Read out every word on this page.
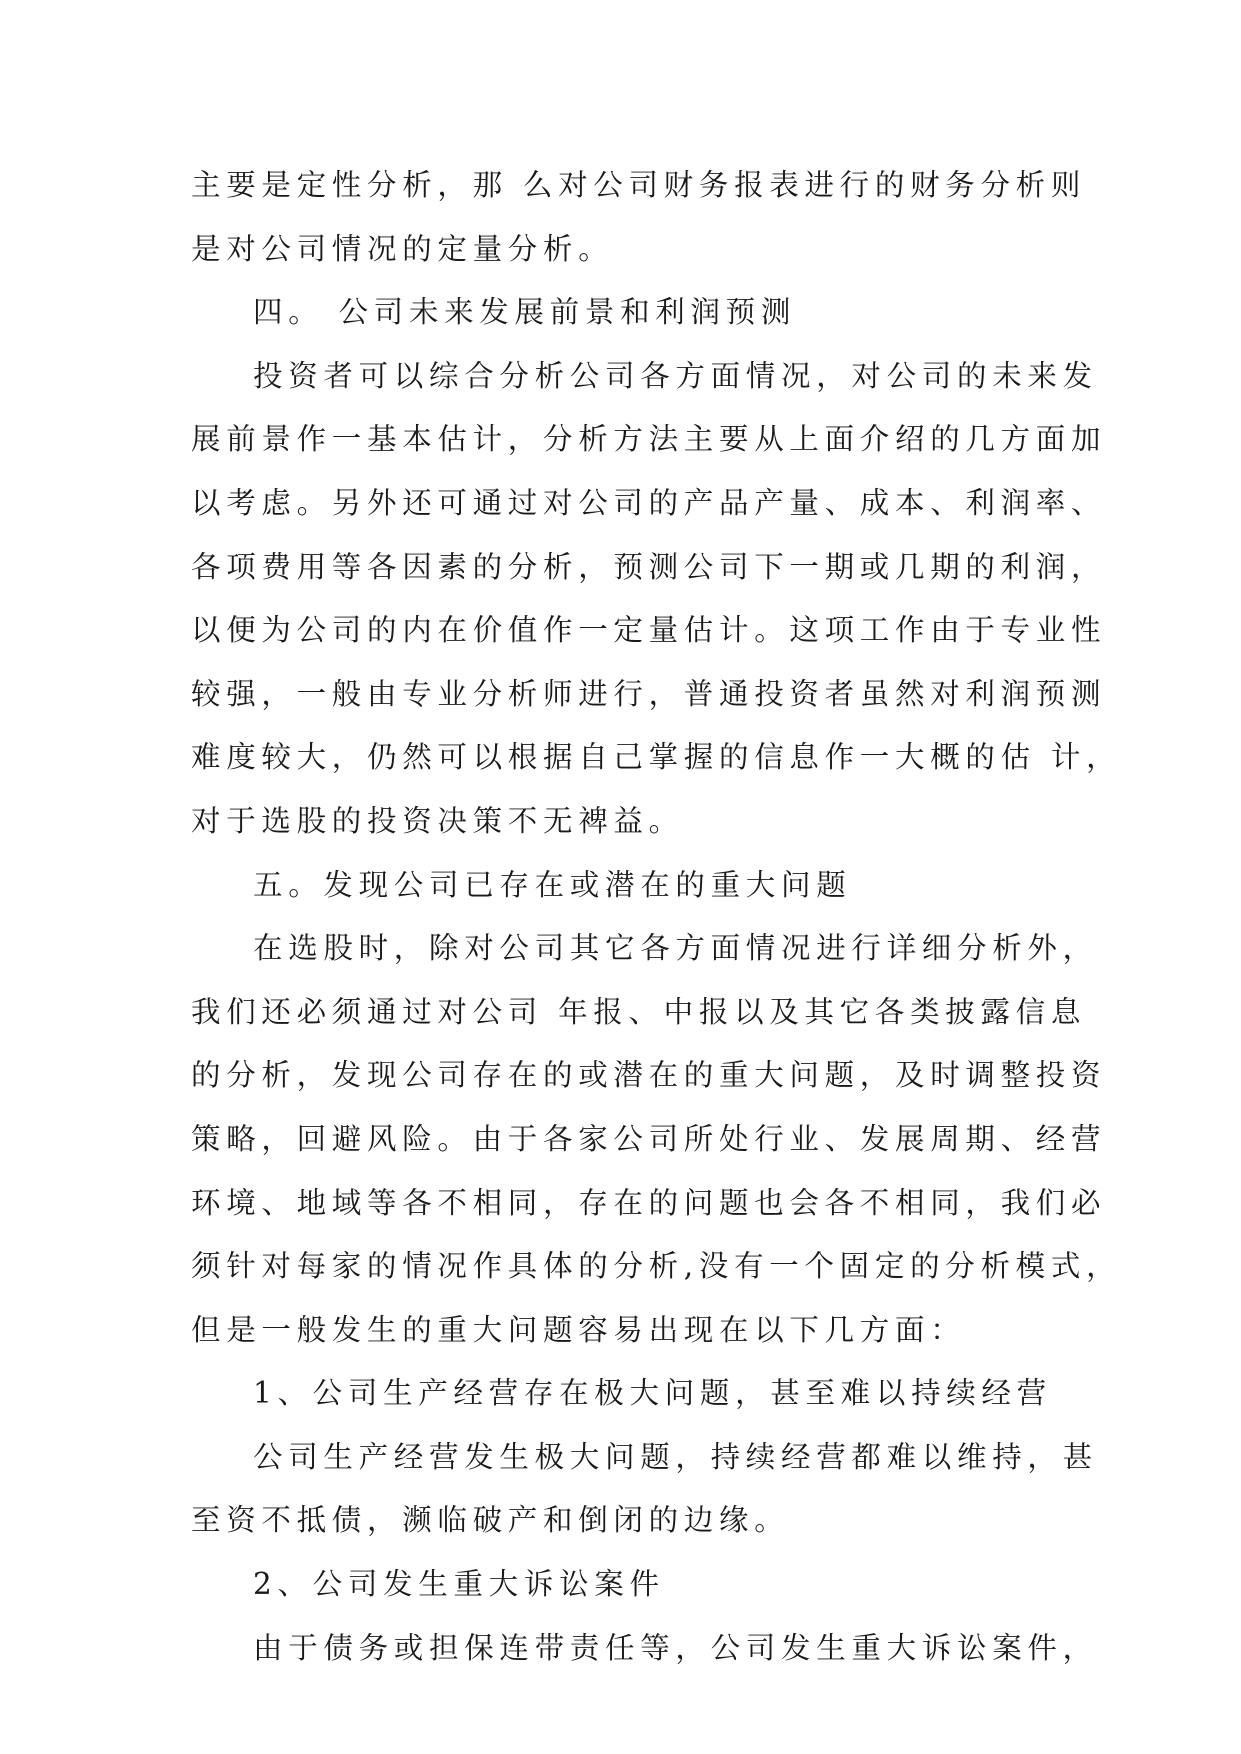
主要是定性分析，那 么对公司财务报表进行的财务分析则
是对公司情况的定量分析。
四。 公司未来发展前景和利润预测
投资者可以综合分析公司各方面情况，对公司的未来发
展前景作一基本估计，分析方法主要从上面介绍的几方面加
以考虑。另外还可通过对公司的产品产量、成本、利润率、
各项费用等各因素的分析，预测公司下一期或几期的利润，
以便为公司的内在价值作一定量估计。这项工作由于专业性
较强，一般由专业分析师进行，普通投资者虽然对利润预测
难度较大，仍然可以根据自己掌握的信息作一大概的估 计，
对于选股的投资决策不无裨益。
五。发现公司已存在或潜在的重大问题
在选股时，除对公司其它各方面情况进行详细分析外，
我们还必须通过对公司 年报、中报以及其它各类披露信息
的分析，发现公司存在的或潜在的重大问题，及时调整投资
策略，回避风险。由于各家公司所处行业、发展周期、经营
环境、地域等各不相同，存在的问题也会各不相同，我们必
须针对每家的情况作具体的分析,没有一个固定的分析模式，
但是一般发生的重大问题容易出现在以下几方面：
1、公司生产经营存在极大问题，甚至难以持续经营
公司生产经营发生极大问题，持续经营都难以维持，甚
至资不抵债，濒临破产和倒闭的边缘。
2、公司发生重大诉讼案件
由于债务或担保连带责任等，公司发生重大诉讼案件，
